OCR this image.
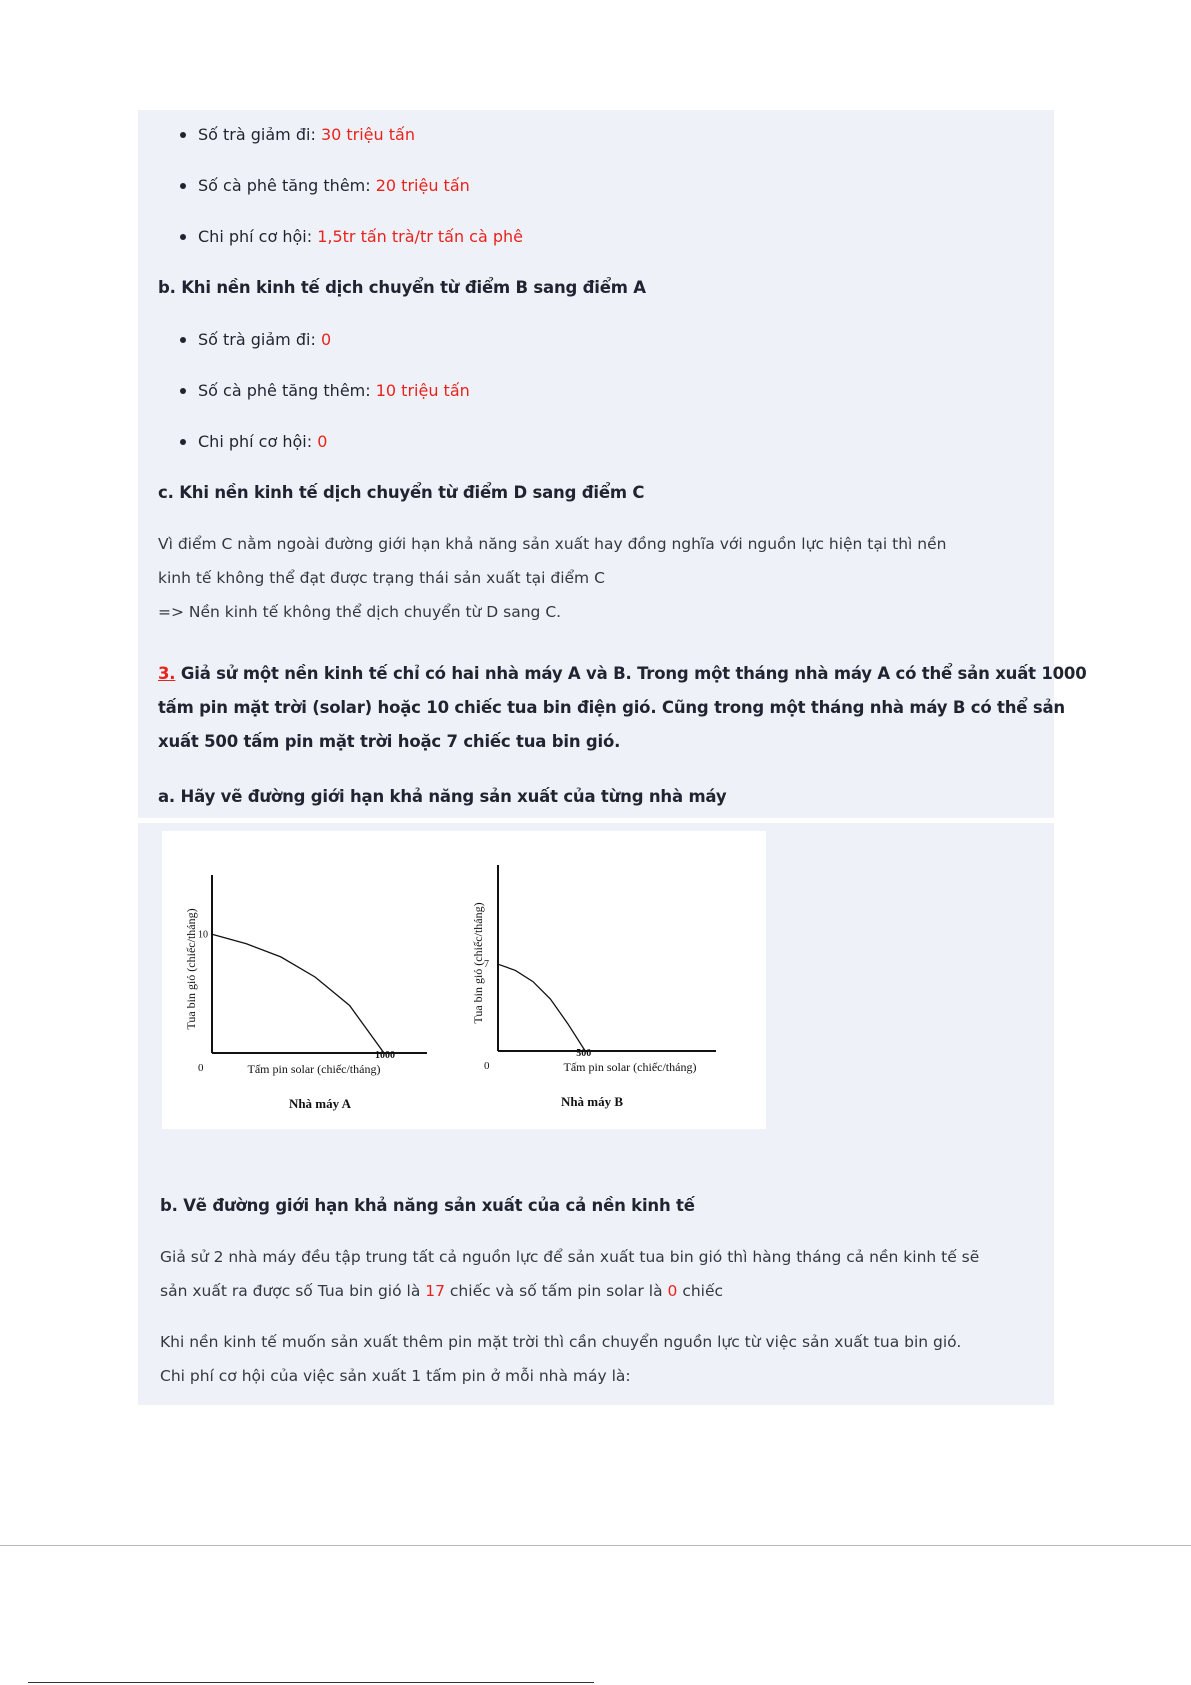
Số trà giảm đi: 30 triệu tấn
Số cà phê tăng thêm: 20 triệu tấn
Chi phí cơ hội: 1,5tr tấn trà/tr tấn cà phê
b. Khi nền kinh tế dịch chuyển từ điểm B sang điểm A
Số trà giảm đi: 0
Số cà phê tăng thêm: 10 triệu tấn
Chi phí cơ hội: 0
c. Khi nền kinh tế dịch chuyển từ điểm D sang điểm C
Vì điểm C nằm ngoài đường giới hạn khả năng sản xuất hay đồng nghĩa với nguồn lực hiện tại thì nền
kinh tế không thể đạt được trạng thái sản xuất tại điểm C
=> Nền kinh tế không thể dịch chuyển từ D sang C.
3. Giả sử một nền kinh tế chỉ có hai nhà máy A và B. Trong một tháng nhà máy A có thể sản xuất 1000
tấm pin mặt trời (solar) hoặc 10 chiếc tua bin điện gió. Cũng trong một tháng nhà máy B có thể sản
xuất 500 tấm pin mặt trời hoặc 7 chiếc tua bin gió.
a. Hãy vẽ đường giới hạn khả năng sản xuất của từng nhà máy
0
1000
10
Tấm pin solar (chiếc/tháng)
Tua bin gió (chiếc/tháng)
Nhà máy A
0
500
7
Tấm pin solar (chiếc/tháng)
Tua bin gió (chiếc/tháng)
Nhà máy B
b. Vẽ đường giới hạn khả năng sản xuất của cả nền kinh tế
Giả sử 2 nhà máy đều tập trung tất cả nguồn lực để sản xuất tua bin gió thì hàng tháng cả nền kinh tế sẽ
sản xuất ra được số Tua bin gió là 17 chiếc và số tấm pin solar là 0 chiếc
Khi nền kinh tế muốn sản xuất thêm pin mặt trời thì cần chuyển nguồn lực từ việc sản xuất tua bin gió.
Chi phí cơ hội của việc sản xuất 1 tấm pin ở mỗi nhà máy là:
